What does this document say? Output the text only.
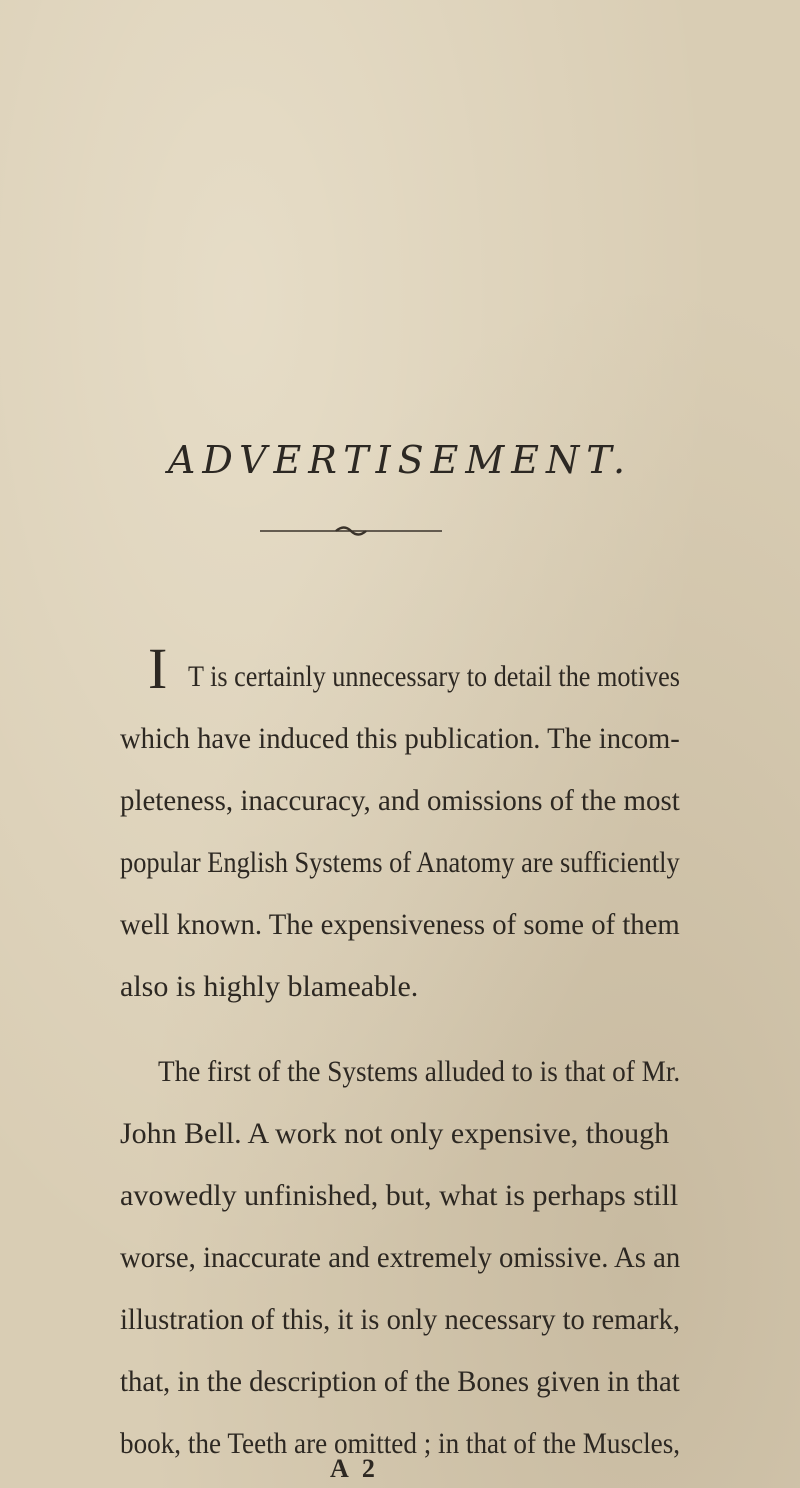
ADVERTISEMENT.
I T is certainly unnecessary to detail the motives
which have induced this publication. The incom-
pleteness, inaccuracy, and omissions of the most
popular English Systems of Anatomy are sufficiently
well known. The expensiveness of some of them
also is highly blameable.
The first of the Systems alluded to is that of Mr.
John Bell. A work not only expensive, though
avowedly unfinished, but, what is perhaps still
worse, inaccurate and extremely omissive. As an
illustration of this, it is only necessary to remark,
that, in the description of the Bones given in that
book, the Teeth are omitted ; in that of the Muscles,
A 2
